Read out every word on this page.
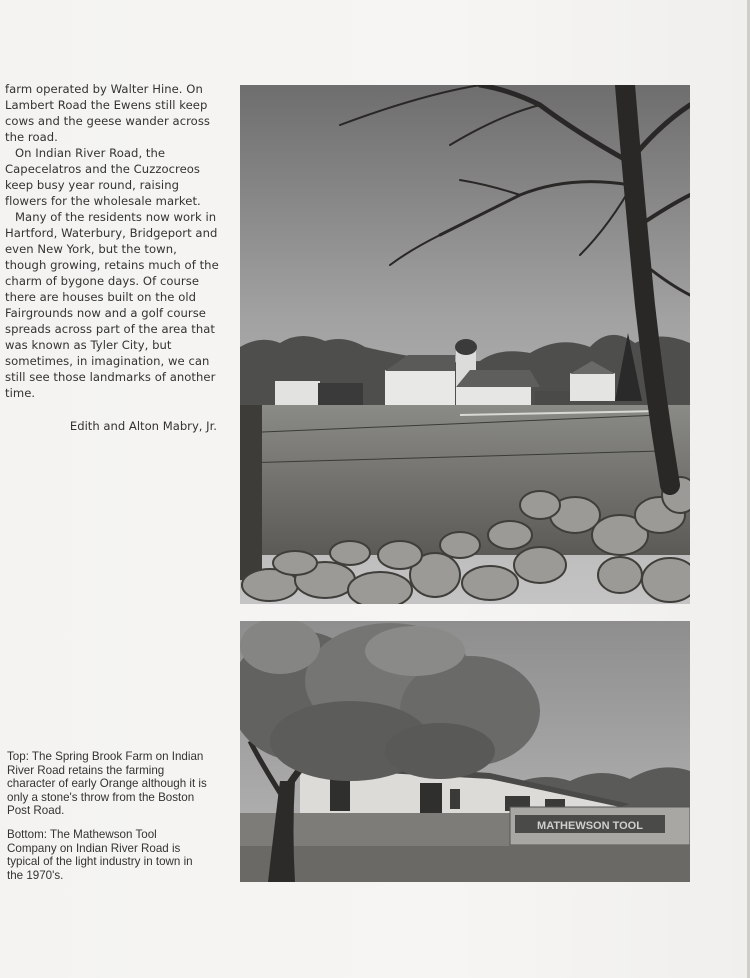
farm operated by Walter Hine. On Lambert Road the Ewens still keep cows and the geese wander across the road.

On Indian River Road, the Capecelatros and the Cuzzocreos keep busy year round, raising flowers for the wholesale market.

Many of the residents now work in Hartford, Waterbury, Bridgeport and even New York, but the town, though growing, retains much of the charm of bygone days. Of course there are houses built on the old Fairgrounds now and a golf course spreads across part of the area that was known as Tyler City, but sometimes, in imagination, we can still see those landmarks of another time.

Edith and Alton Mabry, Jr.

Top: The Spring Brook Farm on Indian River Road retains the farming character of early Orange although it is only a stone's throw from the Boston Post Road.

Bottom: The Mathewson Tool Company on Indian River Road is typical of the light industry in town in the 1970's.

MATHEWSON TOOL
